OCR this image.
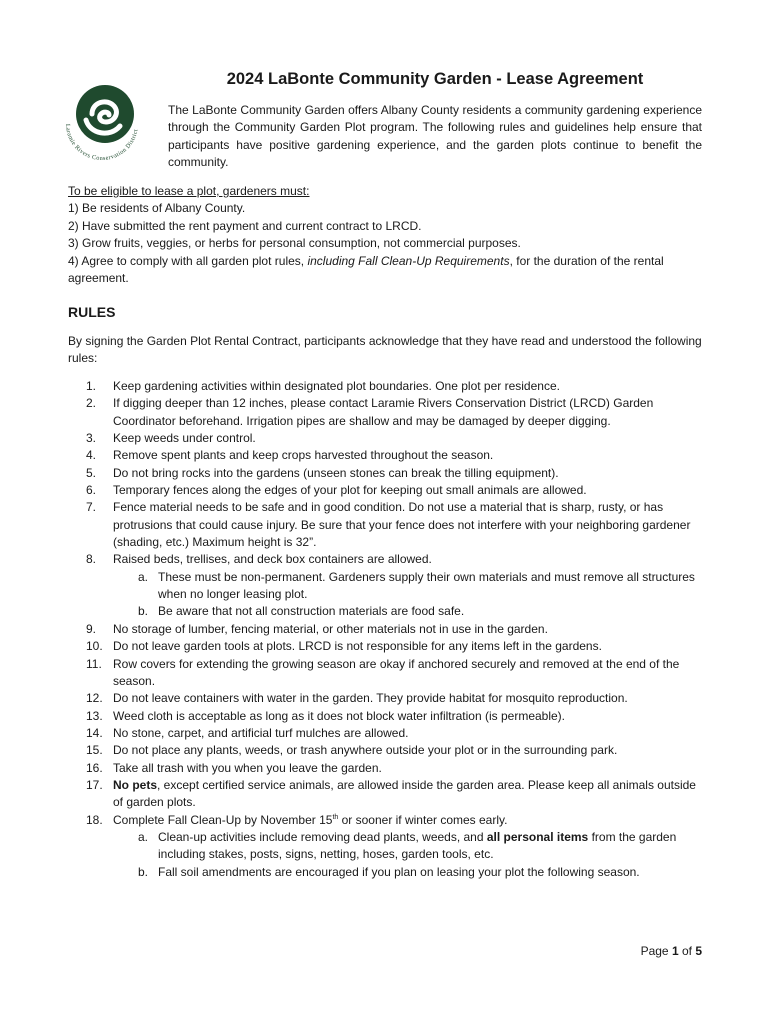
Laramie Rivers Conservation District
2024 LaBonte Community Garden - Lease Agreement

The LaBonte Community Garden offers Albany County residents a community gardening experience through the Community Garden Plot program. The following rules and guidelines help ensure that participants have positive gardening experience, and the garden plots continue to benefit the community.

To be eligible to lease a plot, gardeners must:

1) Be residents of Albany County.

2) Have submitted the rent payment and current contract to LRCD.

3) Grow fruits, veggies, or herbs for personal consumption, not commercial purposes.

4) Agree to comply with all garden plot rules, including Fall Clean-Up Requirements, for the duration of the rental agreement.

RULES

By signing the Garden Plot Rental Contract, participants acknowledge that they have read and understood the following rules:

1.	Keep gardening activities within designated plot boundaries. One plot per residence.
2.	If digging deeper than 12 inches, please contact Laramie Rivers Conservation District (LRCD) Garden Coordinator beforehand. Irrigation pipes are shallow and may be damaged by deeper digging.
3.	Keep weeds under control.
4.	Remove spent plants and keep crops harvested throughout the season.
5.	Do not bring rocks into the gardens (unseen stones can break the tilling equipment).
6.	Temporary fences along the edges of your plot for keeping out small animals are allowed.
7.	Fence material needs to be safe and in good condition. Do not use a material that is sharp, rusty, or has protrusions that could cause injury. Be sure that your fence does not interfere with your neighboring gardener (shading, etc.) Maximum height is 32”.
8.	Raised beds, trellises, and deck box containers are allowed.
a. These must be non-permanent. Gardeners supply their own materials and must remove all structures when no longer leasing plot.
b. Be aware that not all construction materials are food safe.
9.	No storage of lumber, fencing material, or other materials not in use in the garden.
10. Do not leave garden tools at plots. LRCD is not responsible for any items left in the gardens.
11. Row covers for extending the growing season are okay if anchored securely and removed at the end of the season.
12. Do not leave containers with water in the garden. They provide habitat for mosquito reproduction.
13. Weed cloth is acceptable as long as it does not block water infiltration (is permeable).
14. No stone, carpet, and artificial turf mulches are allowed.
15. Do not place any plants, weeds, or trash anywhere outside your plot or in the surrounding park.
16. Take all trash with you when you leave the garden.
17. No pets, except certified service animals, are allowed inside the garden area. Please keep all animals outside of garden plots.
18. Complete Fall Clean-Up by November 15th or sooner if winter comes early.
a. Clean-up activities include removing dead plants, weeds, and all personal items from the garden including stakes, posts, signs, netting, hoses, garden tools, etc.
b. Fall soil amendments are encouraged if you plan on leasing your plot the following season.
Page 1 of 5
